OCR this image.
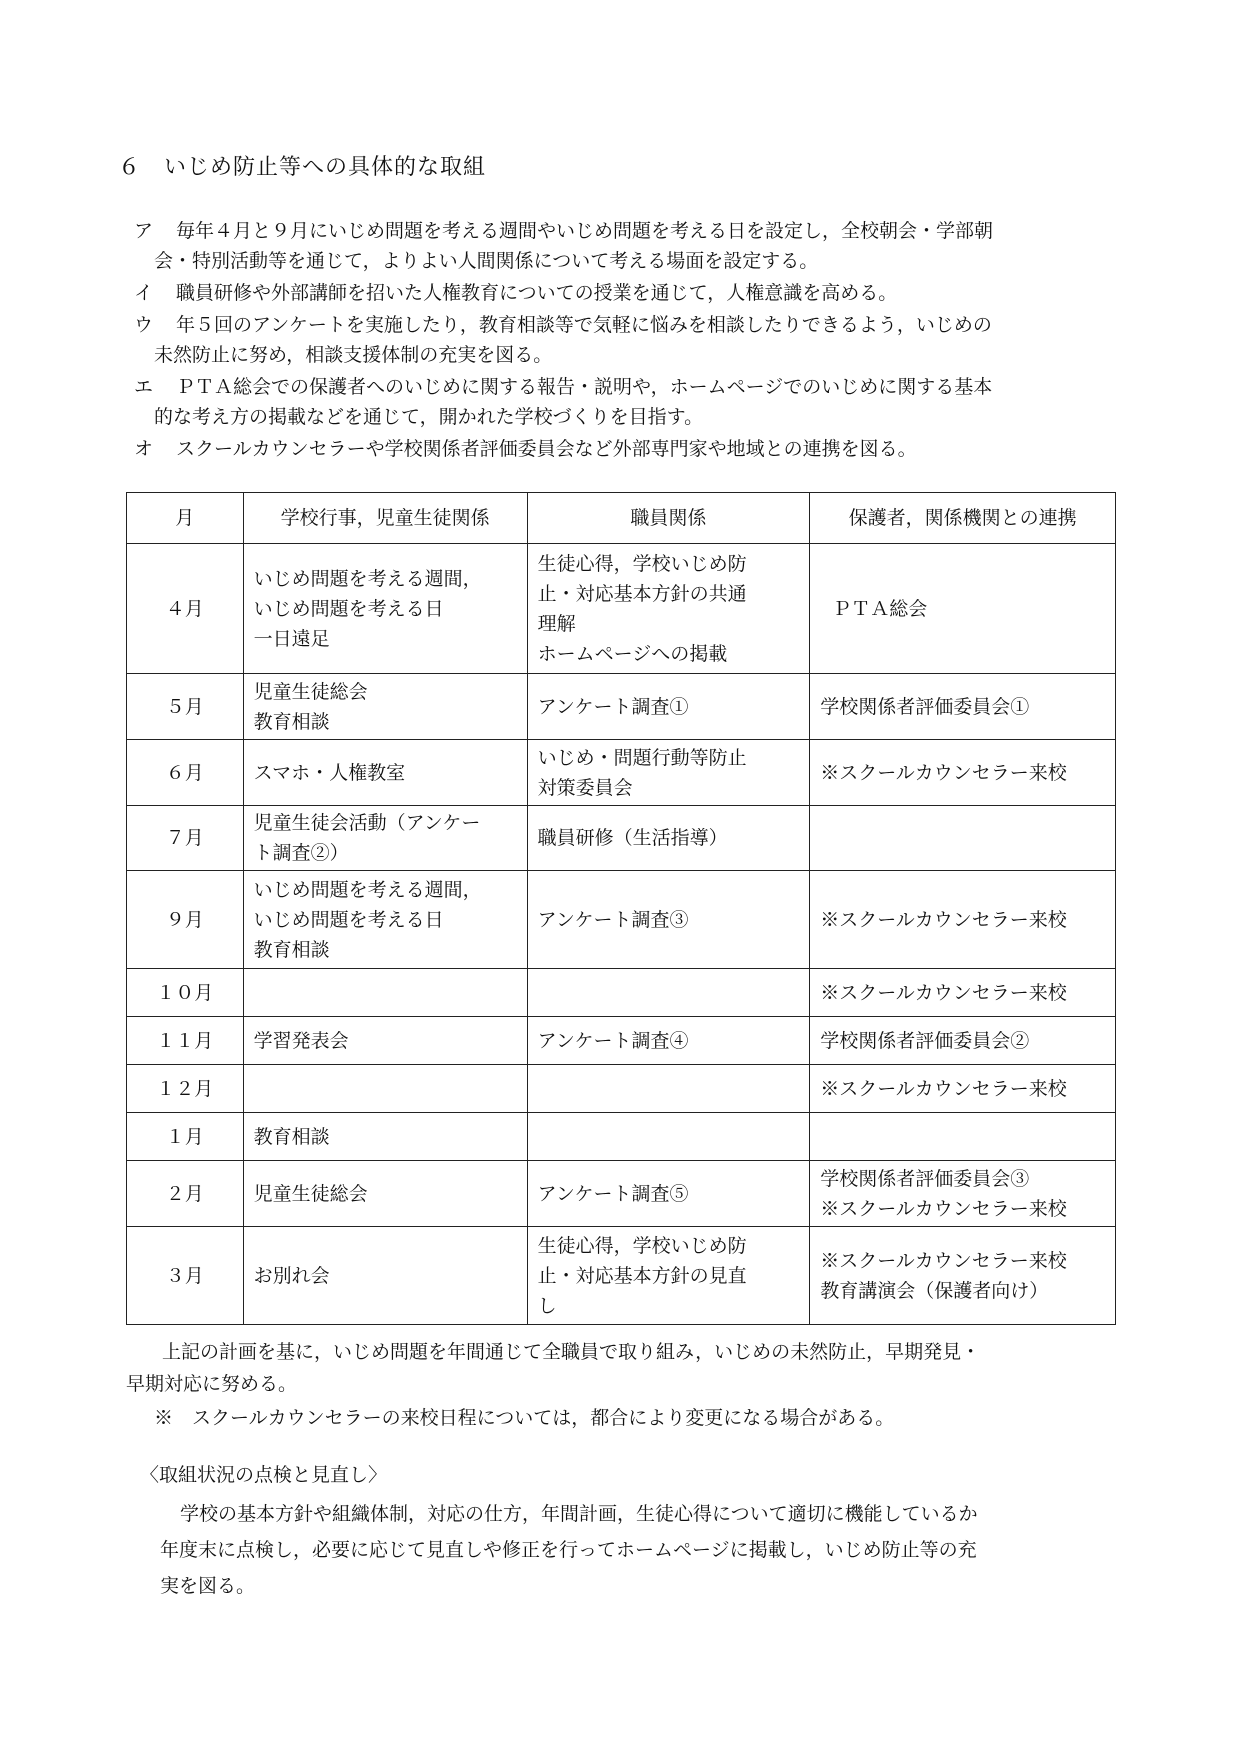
６　いじめ防止等への具体的な取組
ア	毎年４月と９月にいじめ問題を考える週間やいじめ問題を考える日を設定し，全校朝会・学部朝
会・特別活動等を通じて，よりよい人間関係について考える場面を設定する。
イ	職員研修や外部講師を招いた人権教育についての授業を通じて，人権意識を高める。
ウ	年５回のアンケートを実施したり，教育相談等で気軽に悩みを相談したりできるよう，いじめの
未然防止に努め，相談支援体制の充実を図る。
エ	ＰＴＡ総会での保護者へのいじめに関する報告・説明や，ホームページでのいじめに関する基本
的な考え方の掲載などを通じて，開かれた学校づくりを目指す。
オ	スクールカウンセラーや学校関係者評価委員会など外部専門家や地域との連携を図る。
月	学校行事，児童生徒関係	職員関係	保護者，関係機関との連携
４月	いじめ問題を考える週間，
いじめ問題を考える日
一日遠足	生徒心得，学校いじめ防
止・対応基本方針の共通
理解
ホームページへの掲載	ＰＴＡ総会

５月	児童生徒総会
教育相談	アンケート調査①	学校関係者評価委員会①

６月	スマホ・人権教室	いじめ・問題行動等防止
対策委員会	※スクールカウンセラー来校

７月	児童生徒会活動（アンケー
ト調査②）	職員研修（生活指導）	

９月	いじめ問題を考える週間，
いじめ問題を考える日
教育相談	アンケート調査③	※スクールカウンセラー来校

１０月			※スクールカウンセラー来校

１１月	学習発表会	アンケート調査④	学校関係者評価委員会②

１２月			※スクールカウンセラー来校

１月	教育相談		

２月	児童生徒総会	アンケート調査⑤	学校関係者評価委員会③
※スクールカウンセラー来校

３月	お別れ会	生徒心得，学校いじめ防
止・対応基本方針の見直
し	※スクールカウンセラー来校
教育講演会（保護者向け）
上記の計画を基に，いじめ問題を年間通じて全職員で取り組み，いじめの未然防止，早期発見・
早期対応に努める。
※　スクールカウンセラーの来校日程については，都合により変更になる場合がある。
〈取組状況の点検と見直し〉
学校の基本方針や組織体制，対応の仕方，年間計画，生徒心得について適切に機能しているか
年度末に点検し，必要に応じて見直しや修正を行ってホームページに掲載し，いじめ防止等の充
実を図る。
